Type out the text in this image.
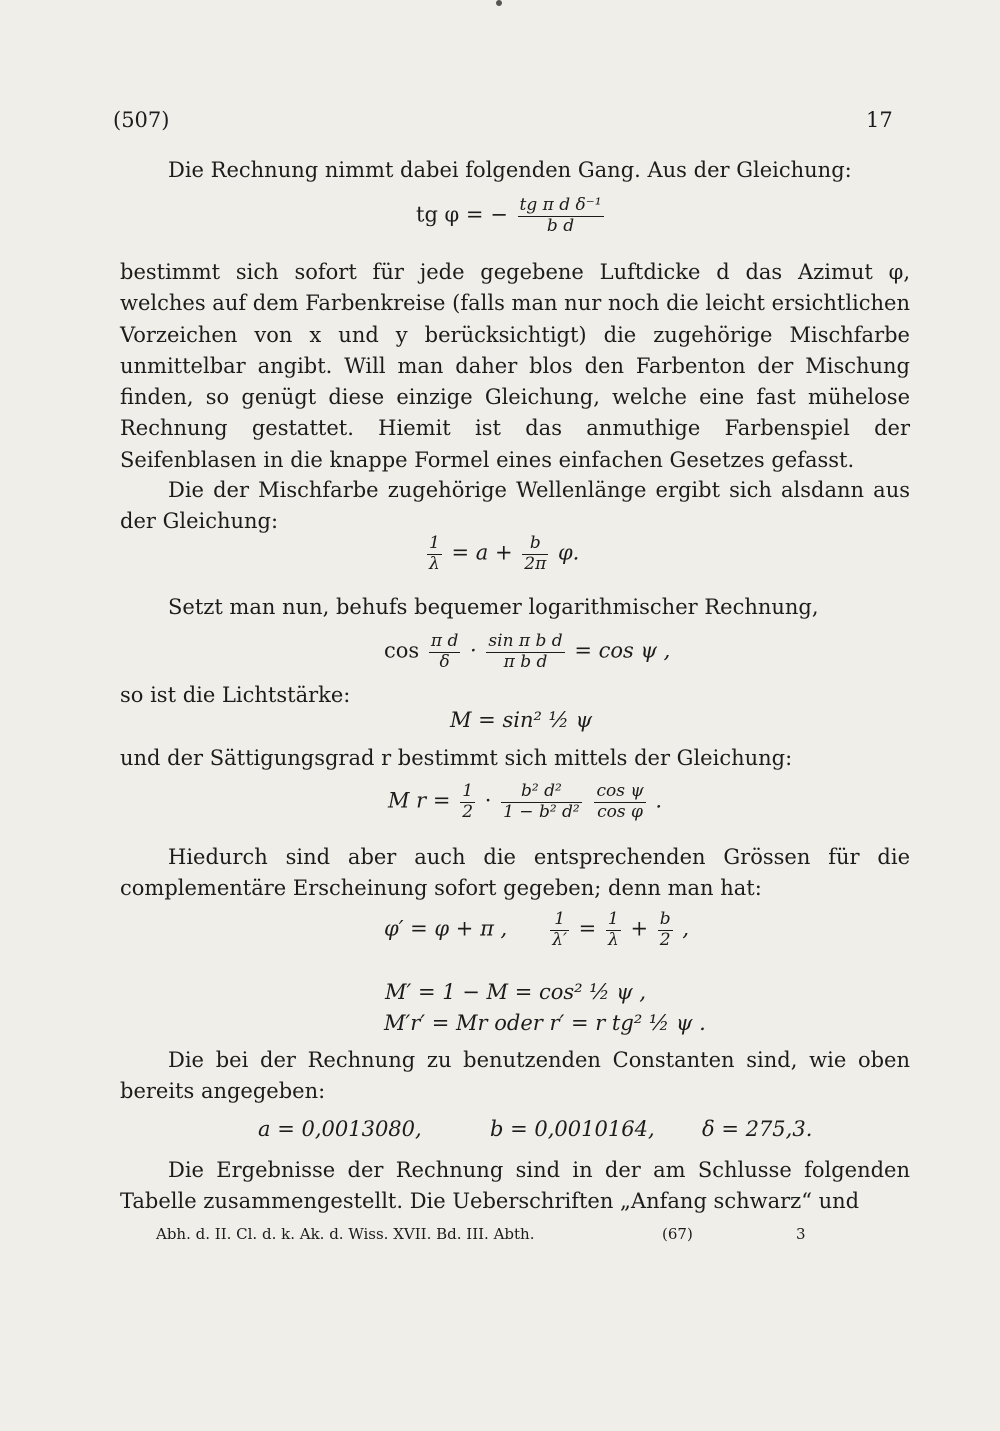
(507)	17

Die Rechnung nimmt dabei folgenden Gang. Aus der Gleichung:

tg φ = − $\frac{\text{tg π d δ⁻¹}}{\text{b d}}$

bestimmt sich sofort für jede gegebene Luftdicke d das Azimut φ, welches auf dem Farbenkreise (falls man nur noch die leicht ersichtlichen Vorzeichen von x und y berücksichtigt) die zugehörige Mischfarbe unmittelbar angibt. Will man daher blos den Farbenton der Mischung finden, so genügt diese einzige Gleichung, welche eine fast mühelose Rechnung gestattet. Hiemit ist das anmuthige Farbenspiel der Seifenblasen in die knappe Formel eines einfachen Gesetzes gefasst.

Die der Mischfarbe zugehörige Wellenlänge ergibt sich alsdann aus der Gleichung:

$\frac{1}{\lambda} = a + \frac{b}{2\pi} \varphi$.

Setzt man nun, behufs bequemer logarithmischer Rechnung,

$\cos \frac{\text{π d}}{\delta} \cdot \frac{\text{sin π b d}}{\text{π b d}} = \cos \psi$ ,

so ist die Lichtstärke:

M = sin² ½ ψ

und der Sättigungsgrad r bestimmt sich mittels der Gleichung:

M $r = \frac{1}{2} \cdot \frac{\text{b² d²}}{\text{1 − b² d²}}$
$\frac{\text{cos ψ}}{\text{cos φ}}$ .

Hiedurch sind aber auch die entsprechenden Grössen für die complementäre Erscheinung sofort gegeben; denn man hat:

φ′ = φ + π ,	$\frac{1}{\lambda'} = \frac{1}{\lambda} + \frac{b}{2}$ ,
M′ = 1 − M = cos² ½ ψ ,
M′r′ = Mr oder r′ = r tg² ½ ψ .

Die bei der Rechnung zu benutzenden Constanten sind, wie oben bereits angegeben:

a = 0,0013080,	b = 0,0010164, δ = 275,3.

Die Ergebnisse der Rechnung sind in der am Schlusse folgenden Tabelle zusammengestellt. Die Ueberschriften „Anfang schwarz“ und

Abh. d. II. Cl. d. k. Ak. d. Wiss. XVII. Bd. III. Abth.	(67)	3
